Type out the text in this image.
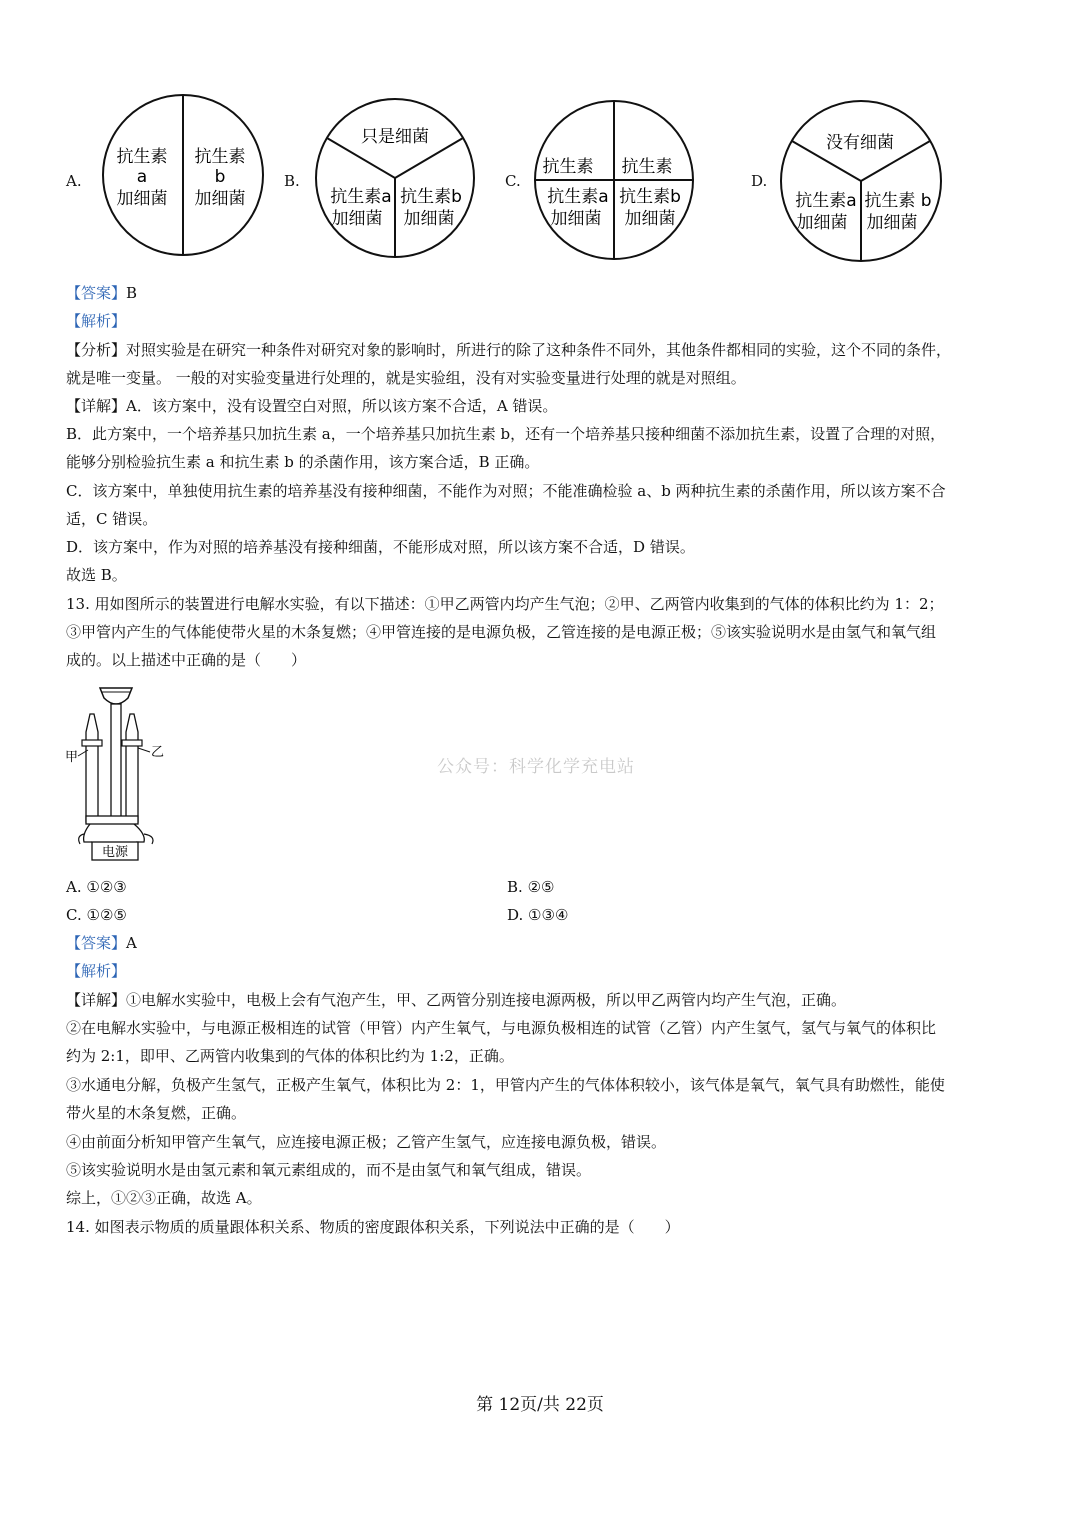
A.
抗生素
a
加细菌
抗生素
b
加细菌
B.
只是细菌
抗生素a
加细菌
抗生素b
加细菌
C.
抗生素 抗生素
抗生素a
加细菌
抗生素b
加细菌
D.
没有细菌
抗生素a
加细菌
抗生素 b
加细菌
【答案】B
【解析】
【分析】对照实验是在研究一种条件对研究对象的影响时，所进行的除了这种条件不同外，其他条件都相同的实验，这个不同的条件，
就是唯一变量。 一般的对实验变量进行处理的，就是实验组，没有对实验变量进行处理的就是对照组。
【详解】A．该方案中，没有设置空白对照，所以该方案不合适，A 错误。
B．此方案中，一个培养基只加抗生素 a，一个培养基只加抗生素 b，还有一个培养基只接种细菌不添加抗生素，设置了合理的对照，
能够分别检验抗生素 a 和抗生素 b 的杀菌作用，该方案合适，B 正确。
C．该方案中，单独使用抗生素的培养基没有接种细菌，不能作为对照；不能准确检验 a、b 两种抗生素的杀菌作用，所以该方案不合
适，C 错误。
D．该方案中，作为对照的培养基没有接种细菌，不能形成对照，所以该方案不合适，D 错误。
故选 B。
13. 用如图所示的装置进行电解水实验，有以下描述：①甲乙两管内均产生气泡；②甲、乙两管内收集到的气体的体积比约为 1：2；
③甲管内产生的气体能使带火星的木条复燃；④甲管连接的是电源负极，乙管连接的是电源正极；⑤该实验说明水是由氢气和氧气组
成的。以上描述中正确的是（　　）
电源
甲	乙
公众号：科学化学充电站
A. ①②③	B. ②⑤
C. ①②⑤	D. ①③④
【答案】A
【解析】
【详解】①电解水实验中，电极上会有气泡产生，甲、乙两管分别连接电源两极，所以甲乙两管内均产生气泡，正确。
②在电解水实验中，与电源正极相连的试管（甲管）内产生氧气，与电源负极相连的试管（乙管）内产生氢气，氢气与氧气的体积比
约为 2:1，即甲、乙两管内收集到的气体的体积比约为 1:2，正确。
③水通电分解，负极产生氢气，正极产生氧气，体积比为 2：1，甲管内产生的气体体积较小，该气体是氧气，氧气具有助燃性，能使
带火星的木条复燃，正确。
④由前面分析知甲管产生氧气，应连接电源正极；乙管产生氢气，应连接电源负极，错误。
⑤该实验说明水是由氢元素和氧元素组成的，而不是由氢气和氧气组成，错误。
综上，①②③正确，故选 A。
14. 如图表示物质的质量跟体积关系、物质的密度跟体积关系，下列说法中正确的是（　　）
第 12页/共 22页
